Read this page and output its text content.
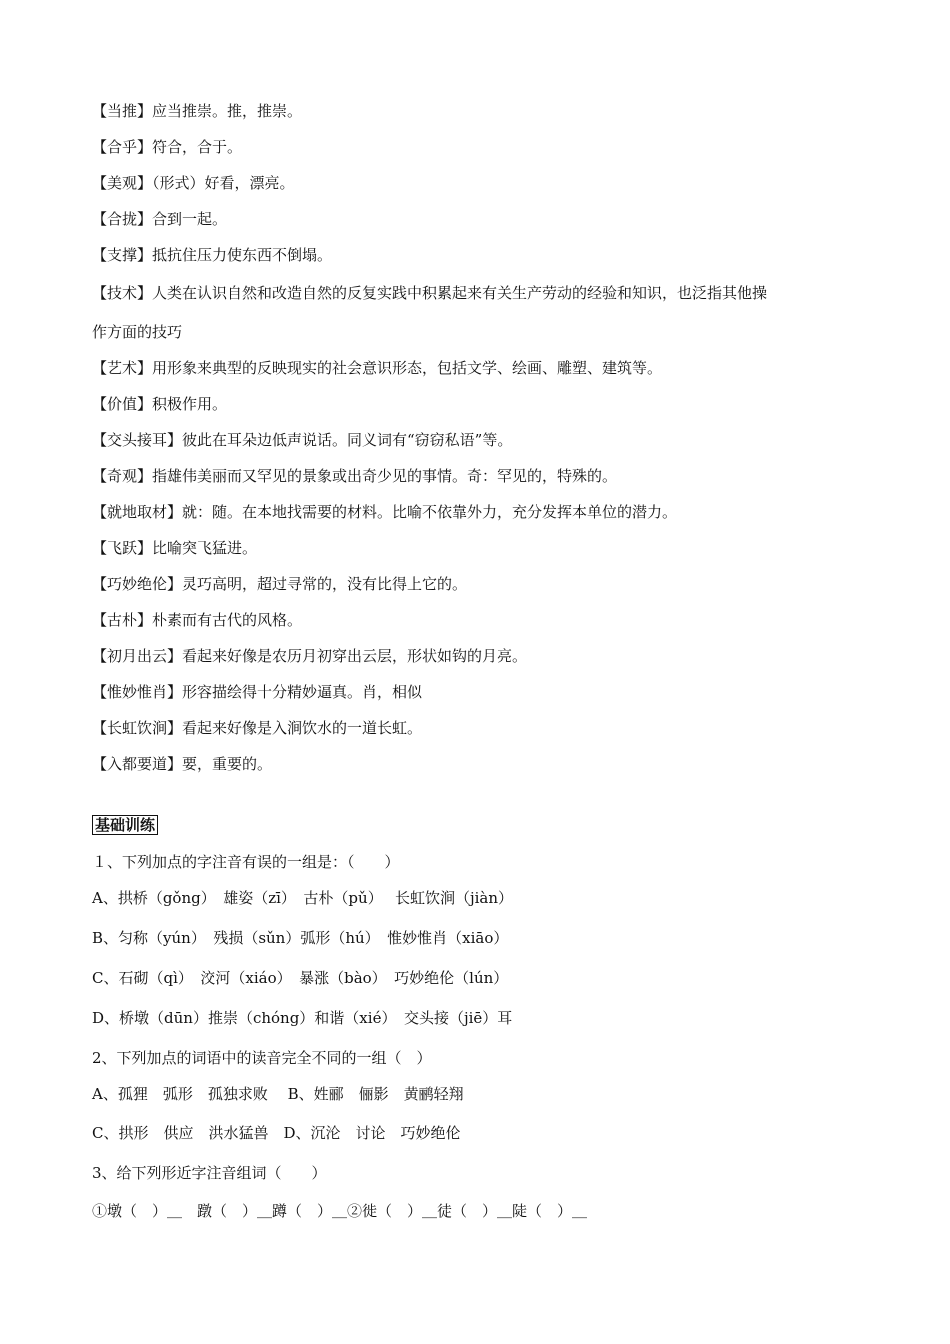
【当推】应当推崇。推，推崇。
【合乎】符合，合于。
【美观】（形式）好看，漂亮。
【合拢】合到一起。
【支撑】抵抗住压力使东西不倒塌。
【技术】人类在认识自然和改造自然的反复实践中积累起来有关生产劳动的经验和知识，也泛指其他操
作方面的技巧
【艺术】用形象来典型的反映现实的社会意识形态，包括文学、绘画、雕塑、建筑等。
【价值】积极作用。
【交头接耳】彼此在耳朵边低声说话。同义词有“窃窃私语”等。
【奇观】指雄伟美丽而又罕见的景象或出奇少见的事情。奇：罕见的，特殊的。
【就地取材】就：随。在本地找需要的材料。比喻不依靠外力，充分发挥本单位的潜力。
【飞跃】比喻突飞猛进。
【巧妙绝伦】灵巧高明，超过寻常的，没有比得上它的。
【古朴】朴素而有古代的风格。
【初月出云】看起来好像是农历月初穿出云层，形状如钩的月亮。
【惟妙惟肖】形容描绘得十分精妙逼真。肖，相似
【长虹饮涧】看起来好像是入涧饮水的一道长虹。
【入都要道】要，重要的。
基础训练
１、下列加点的字注音有误的一组是：（　　）
A、拱桥（gǒng）　雄姿（zī）　古朴（pǔ）　 长虹饮涧（jiàn）
B、匀称（yún）　残损（sǔn）弧形（hú）　惟妙惟肖（xiāo）
C、石砌（qì）　洨河（xiáo）　暴涨（bào）　巧妙绝伦（lún）
D、桥墩（dūn）推崇（chóng）和谐（xié）　交头接（jiē）耳
2、下列加点的词语中的读音完全不同的一组（　）
A、孤狸　弧形　孤独求败　 B、姓郦　俪影　黄鹂轻翔
C、拱形　供应　洪水猛兽　D、沉沦　讨论　巧妙绝伦
3、给下列形近字注音组词（　　）
①墩（　）＿　蹾（　）＿蹲（　）＿②徙（　）＿徒（　）＿陡（　）＿
